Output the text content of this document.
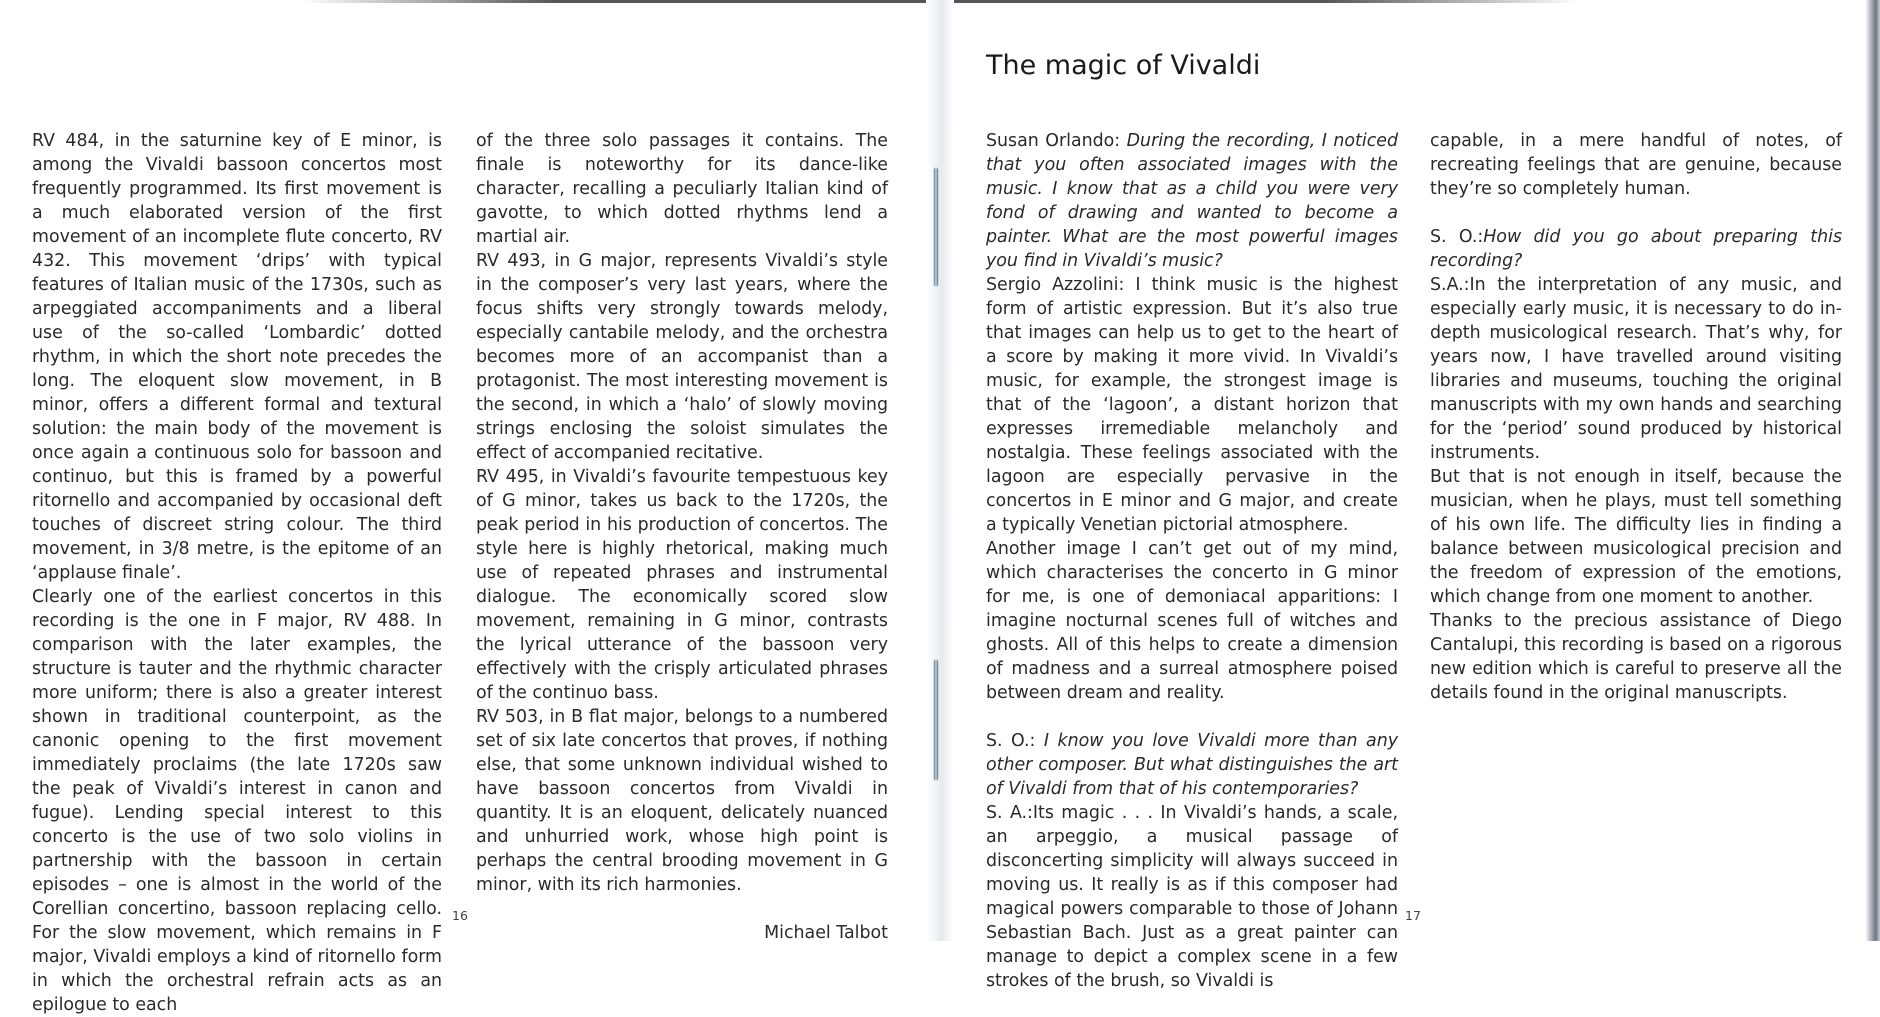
The magic of Vivaldi

RV 484, in the saturnine key of E minor, is among the Vivaldi bassoon concertos most frequently programmed. Its first movement is a much elaborated version of the first movement of an incomplete flute concerto, RV 432. This movement ‘drips’ with typical features of Italian music of the 1730s, such as arpeggiated accompaniments and a liberal use of the so-called ‘Lombardic’ dotted rhythm, in which the short note precedes the long. The eloquent slow movement, in B minor, offers a different formal and textural solution: the main body of the movement is once again a continuous solo for bassoon and continuo, but this is framed by a powerful ritornello and accompanied by occasional deft touches of discreet string colour. The third movement, in 3/8 metre, is the epitome of an ‘applause finale’.

Clearly one of the earliest concertos in this recording is the one in F major, RV 488. In comparison with the later examples, the structure is tauter and the rhythmic character more uniform; there is also a greater interest shown in traditional counterpoint, as the canonic opening to the first movement immediately proclaims (the late 1720s saw the peak of Vivaldi’s interest in canon and fugue). Lending special interest to this concerto is the use of two solo violins in partnership with the bassoon in certain episodes – one is almost in the world of the Corellian concertino, bassoon replacing cello. For the slow movement, which remains in F major, Vivaldi employs a kind of ritornello form in which the orchestral refrain acts as an epilogue to each

of the three solo passages it contains. The finale is noteworthy for its dance-like character, recalling a peculiarly Italian kind of gavotte, to which dotted rhythms lend a martial air.

RV 493, in G major, represents Vivaldi’s style in the composer’s very last years, where the focus shifts very strongly towards melody, especially cantabile melody, and the orchestra becomes more of an accompanist than a protagonist. The most interesting movement is the second, in which a ‘halo’ of slowly moving strings enclosing the soloist simulates the effect of accompanied recitative.

RV 495, in Vivaldi’s favourite tempestuous key of G minor, takes us back to the 1720s, the peak period in his production of concertos. The style here is highly rhetorical, making much use of repeated phrases and instrumental dialogue. The economically scored slow movement, remaining in G minor, contrasts the lyrical utterance of the bassoon very effectively with the crisply articulated phrases of the continuo bass.

RV 503, in B flat major, belongs to a numbered set of six late concertos that proves, if nothing else, that some unknown individual wished to have bassoon concertos from Vivaldi in quantity. It is an eloquent, delicately nuanced and unhurried work, whose high point is perhaps the central brooding movement in G minor, with its rich harmonies.

Michael Talbot

Susan Orlando: During the recording, I noticed that you often associated images with the music. I know that as a child you were very fond of drawing and wanted to become a painter. What are the most powerful images you find in Vivaldi’s music?

Sergio Azzolini: I think music is the highest form of artistic expression. But it’s also true that images can help us to get to the heart of a score by making it more vivid. In Vivaldi’s music, for example, the strongest image is that of the ‘lagoon’, a distant horizon that expresses irremediable melancholy and nostalgia. These feelings associated with the lagoon are especially pervasive in the concertos in E minor and G major, and create a typically Venetian pictorial atmosphere.

Another image I can’t get out of my mind, which characterises the concerto in G minor for me, is one of demoniacal apparitions: I imagine nocturnal scenes full of witches and ghosts. All of this helps to create a dimension of madness and a surreal atmosphere poised between dream and reality.

S. O.: I know you love Vivaldi more than any other composer. But what distinguishes the art of Vivaldi from that of his contemporaries?

S. A.:Its magic . . . In Vivaldi’s hands, a scale, an arpeggio, a musical passage of disconcerting simplicity will always succeed in moving us. It really is as if this composer had magical powers comparable to those of Johann Sebastian Bach. Just as a great painter can manage to depict a complex scene in a few strokes of the brush, so Vivaldi is

capable, in a mere handful of notes, of recreating feelings that are genuine, because they’re so completely human.

S. O.:How did you go about preparing this recording?

S.A.:In the interpretation of any music, and especially early music, it is necessary to do in-depth musicological research. That’s why, for years now, I have travelled around visiting libraries and museums, touching the original manuscripts with my own hands and searching for the ‘period’ sound produced by historical instruments.

But that is not enough in itself, because the musician, when he plays, must tell something of his own life. The difficulty lies in finding a balance between musicological precision and the freedom of expression of the emotions, which change from one moment to another.

Thanks to the precious assistance of Diego Cantalupi, this recording is based on a rigorous new edition which is careful to preserve all the details found in the original manuscripts.

16	17
